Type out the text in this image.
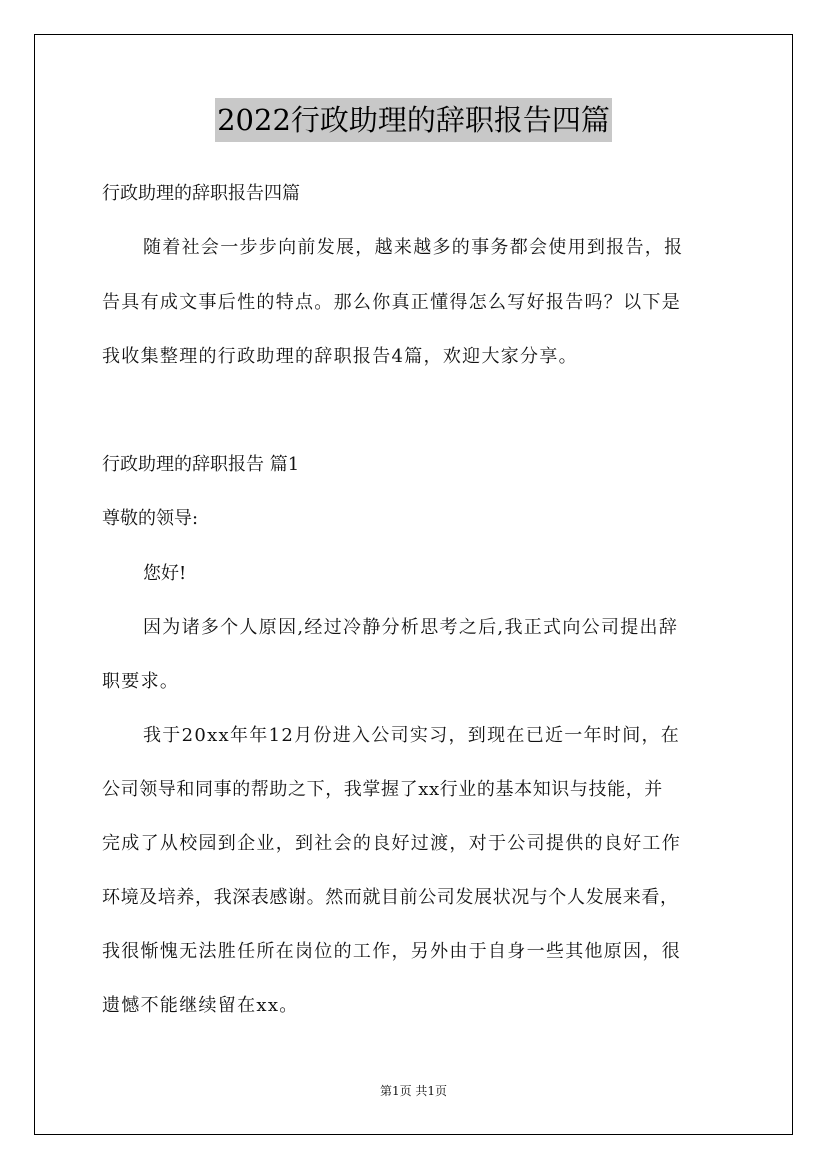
2022行政助理的辞职报告四篇
行政助理的辞职报告四篇
随着社会一步步向前发展，越来越多的事务都会使用到报告，报
告具有成文事后性的特点。那么你真正懂得怎么写好报告吗？以下是
我收集整理的行政助理的辞职报告4篇，欢迎大家分享。
行政助理的辞职报告 篇1
尊敬的领导:
您好!
因为诸多个人原因,经过冷静分析思考之后,我正式向公司提出辞
职要求。
我于20xx年年12月份进入公司实习，到现在已近一年时间，在
公司领导和同事的帮助之下，我掌握了xx行业的基本知识与技能，并
完成了从校园到企业，到社会的良好过渡，对于公司提供的良好工作
环境及培养，我深表感谢。然而就目前公司发展状况与个人发展来看，
我很惭愧无法胜任所在岗位的工作，另外由于自身一些其他原因，很
遗憾不能继续留在xx。
第1页 共1页
